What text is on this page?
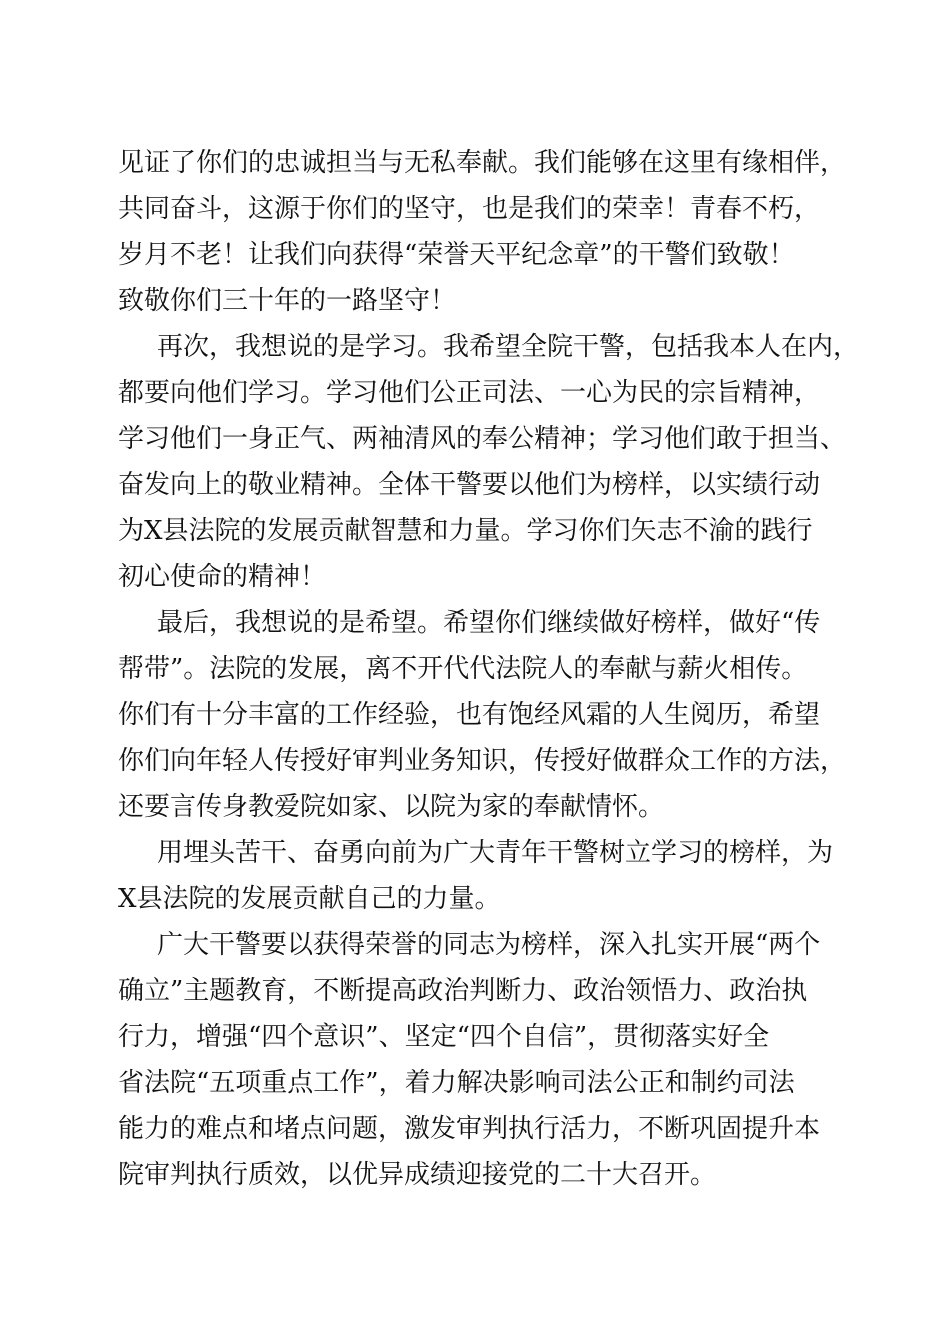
见证了你们的忠诚担当与无私奉献。我们能够在这里有缘相伴，
共同奋斗，这源于你们的坚守，也是我们的荣幸！青春不朽，
岁月不老！让我们向获得“荣誉天平纪念章”的干警们致敬！
致敬你们三十年的一路坚守！
再次，我想说的是学习。我希望全院干警，包括我本人在内，
都要向他们学习。学习他们公正司法、一心为民的宗旨精神，
学习他们一身正气、两袖清风的奉公精神；学习他们敢于担当、
奋发向上的敬业精神。全体干警要以他们为榜样，以实绩行动
为X县法院的发展贡献智慧和力量。学习你们矢志不渝的践行
初心使命的精神！
最后，我想说的是希望。希望你们继续做好榜样，做好“传
帮带”。法院的发展，离不开代代法院人的奉献与薪火相传。
你们有十分丰富的工作经验，也有饱经风霜的人生阅历，希望
你们向年轻人传授好审判业务知识，传授好做群众工作的方法，
还要言传身教爱院如家、以院为家的奉献情怀。
用埋头苦干、奋勇向前为广大青年干警树立学习的榜样，为
X县法院的发展贡献自己的力量。
广大干警要以获得荣誉的同志为榜样，深入扎实开展“两个
确立”主题教育，不断提高政治判断力、政治领悟力、政治执
行力，增强“四个意识”、坚定“四个自信”，贯彻落实好全
省法院“五项重点工作”，着力解决影响司法公正和制约司法
能力的难点和堵点问题，激发审判执行活力，不断巩固提升本
院审判执行质效，以优异成绩迎接党的二十大召开。
